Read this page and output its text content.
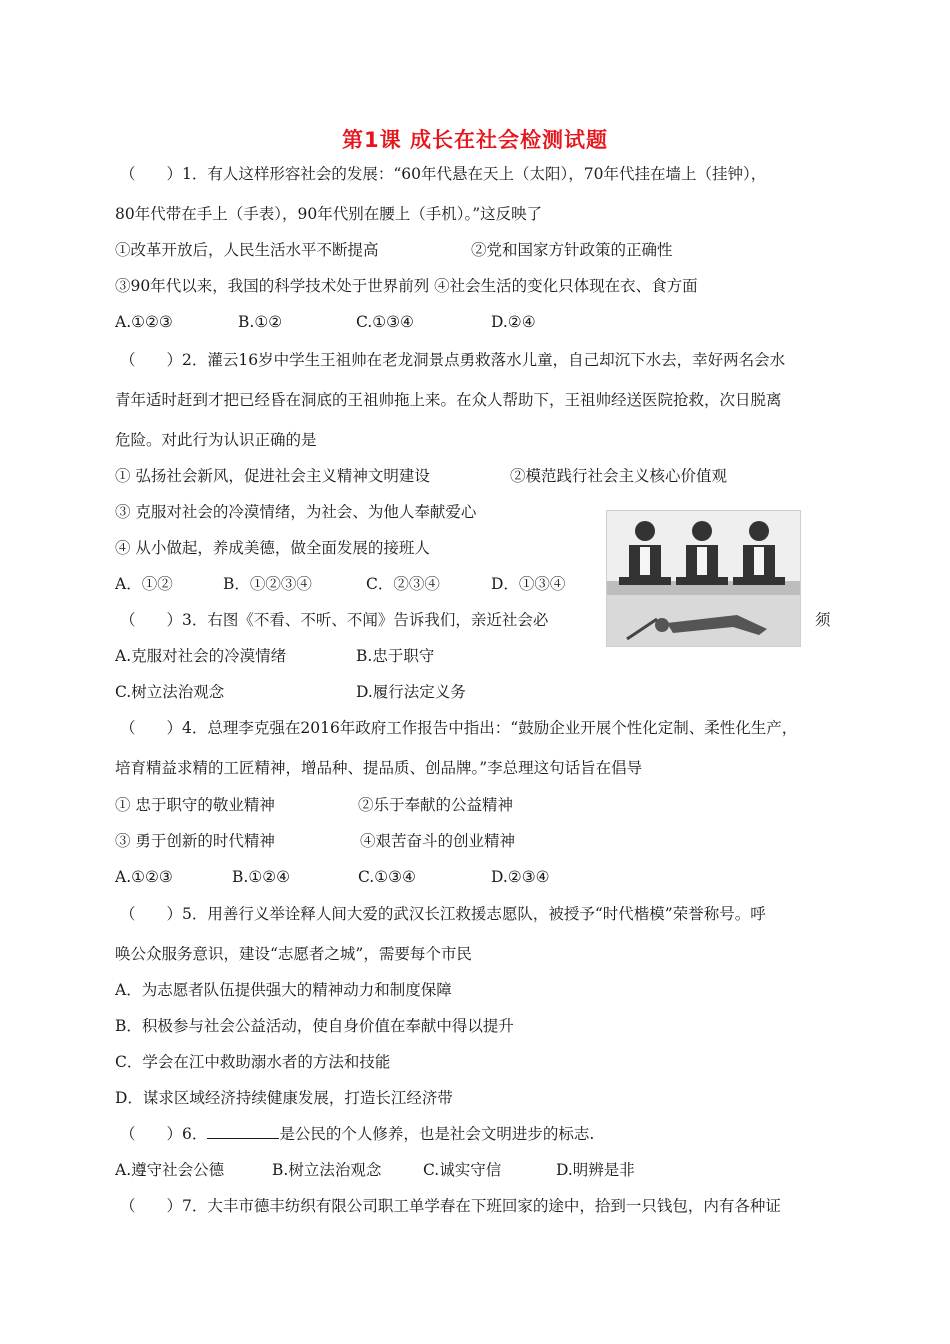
第1课 成长在社会检测试题
（　　）1．有人这样形容社会的发展：“60年代悬在天上（太阳），70年代挂在墙上（挂钟），
80年代带在手上（手表），90年代别在腰上（手机）。”这反映了
①改革开放后，人民生活水平不断提高	②党和国家方针政策的正确性
③90年代以来，我国的科学技术处于世界前列 ④社会生活的变化只体现在衣、食方面
A.①②③	B.①②	C.①③④	D.②④
（　　）2．灌云16岁中学生王祖帅在老龙洞景点勇救落水儿童，自己却沉下水去，幸好两名会水
青年适时赶到才把已经昏在洞底的王祖帅拖上来。在众人帮助下，王祖帅经送医院抢救，次日脱离
危险。对此行为认识正确的是
① 弘扬社会新风，促进社会主义精神文明建设	②模范践行社会主义核心价值观
③ 克服对社会的冷漠情绪，为社会、为他人奉献爱心
④ 从小做起，养成美德，做全面发展的接班人
A．①②	B．①②③④	C．②③④	D．①③④
（　　）3．右图《不看、不听、不闻》告诉我们，亲近社会必	须
A.克服对社会的冷漠情绪	B.忠于职守
C.树立法治观念	D.履行法定义务
（　　）4．总理李克强在2016年政府工作报告中指出：“鼓励企业开展个性化定制、柔性化生产，
培育精益求精的工匠精神，增品种、提品质、创品牌。”李总理这句话旨在倡导
① 忠于职守的敬业精神	②乐于奉献的公益精神
③ 勇于创新的时代精神	④艰苦奋斗的创业精神
A.①②③	B.①②④	C.①③④	D.②③④
（　　）5．用善行义举诠释人间大爱的武汉长江救援志愿队，被授予“时代楷模”荣誉称号。呼
唤公众服务意识，建设“志愿者之城”，需要每个市民
A．为志愿者队伍提供强大的精神动力和制度保障
B．积极参与社会公益活动，使自身价值在奉献中得以提升
C．学会在江中救助溺水者的方法和技能
D．谋求区域经济持续健康发展，打造长江经济带
（　　）6．	是公民的个人修养，也是社会文明进步的标志.
A.遵守社会公德	B.树立法治观念	C.诚实守信	D.明辨是非
（　　）7．大丰市德丰纺织有限公司职工单学春在下班回家的途中，拾到一只钱包，内有各种证
